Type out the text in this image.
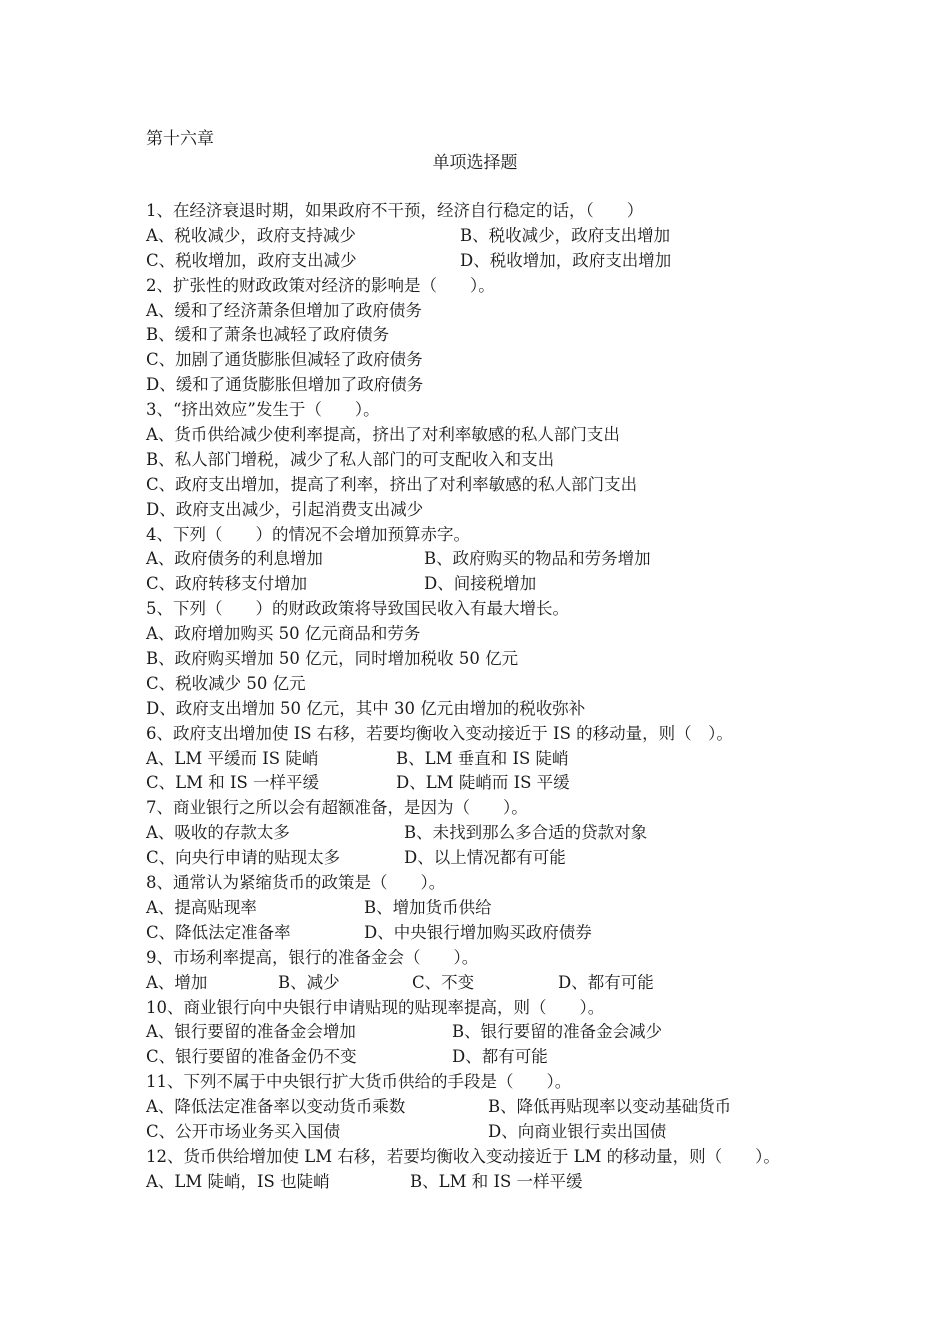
第十六章
单项选择题
1、在经济衰退时期，如果政府不干预，经济自行稳定的话，（　　）
A、税收减少，政府支持减少	B、税收减少，政府支出增加
C、税收增加，政府支出减少	D、税收增加，政府支出增加
2、扩张性的财政政策对经济的影响是（　　）。
A、缓和了经济萧条但增加了政府债务
B、缓和了萧条也减轻了政府债务
C、加剧了通货膨胀但减轻了政府债务
D、缓和了通货膨胀但增加了政府债务
3、“挤出效应”发生于（　　）。
A、货币供给减少使利率提高，挤出了对利率敏感的私人部门支出
B、私人部门增税，减少了私人部门的可支配收入和支出
C、政府支出增加，提高了利率，挤出了对利率敏感的私人部门支出
D、政府支出减少，引起消费支出减少
4、下列（　　）的情况不会增加预算赤字。
A、政府债务的利息增加	B、政府购买的物品和劳务增加
C、政府转移支付增加	D、间接税增加
5、下列（　　）的财政政策将导致国民收入有最大增长。
A、政府增加购买 50 亿元商品和劳务
B、政府购买增加 50 亿元，同时增加税收 50 亿元
C、税收减少 50 亿元
D、政府支出增加 50 亿元，其中 30 亿元由增加的税收弥补
6、政府支出增加使 IS 右移，若要均衡收入变动接近于 IS 的移动量，则（　）。
A、LM 平缓而 IS 陡峭	B、LM 垂直和 IS 陡峭
C、LM 和 IS 一样平缓	D、LM 陡峭而 IS 平缓
7、商业银行之所以会有超额准备，是因为（　　）。
A、吸收的存款太多	B、未找到那么多合适的贷款对象
C、向央行申请的贴现太多	D、以上情况都有可能
8、通常认为紧缩货币的政策是（　　）。
A、提高贴现率	B、增加货币供给
C、降低法定准备率	D、中央银行增加购买政府债券
9、市场利率提高，银行的准备金会（　　）。
A、增加	B、减少	C、不变	D、都有可能
10、商业银行向中央银行申请贴现的贴现率提高，则（　　）。
A、银行要留的准备金会增加	B、银行要留的准备金会减少
C、银行要留的准备金仍不变	D、都有可能
11、下列不属于中央银行扩大货币供给的手段是（　　）。
A、降低法定准备率以变动货币乘数	B、降低再贴现率以变动基础货币
C、公开市场业务买入国债	D、向商业银行卖出国债
12、货币供给增加使 LM 右移，若要均衡收入变动接近于 LM 的移动量，则（　　）。
A、LM 陡峭，IS 也陡峭	B、LM 和 IS 一样平缓
